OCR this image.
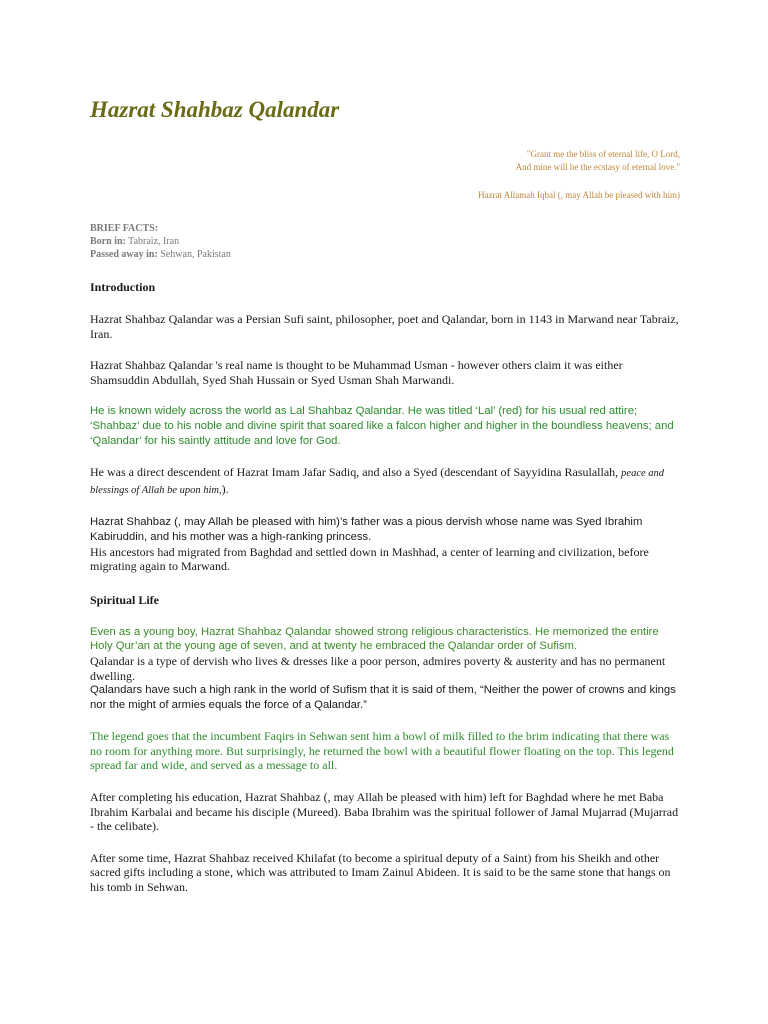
Hazrat Shahbaz Qalandar
"Grant me the bliss of eternal life, O Lord,
And mine will be the ecstasy of eternal love."
Hazrat Allamah Iqbal (, may Allah be pleased with him)
BRIEF FACTS:
Born in: Tabraiz, Iran
Passed away in: Sehwan, Pakistan
Introduction

Hazrat Shahbaz Qalandar was a Persian Sufi saint, philosopher, poet and Qalandar, born in 1143 in Marwand near Tabraiz, Iran.

Hazrat Shahbaz Qalandar 's real name is thought to be Muhammad Usman - however others claim it was either Shamsuddin Abdullah, Syed Shah Hussain or Syed Usman Shah Marwandi.

He is known widely across the world as Lal Shahbaz Qalandar. He was titled ‘Lal’ (red) for his usual red attire; ‘Shahbaz’ due to his noble and divine spirit that soared like a falcon higher and higher in the boundless heavens; and ‘Qalandar’ for his saintly attitude and love for God.

He was a direct descendent of Hazrat Imam Jafar Sadiq, and also a Syed (descendant of Sayyidina Rasulallah, peace and blessings of Allah be upon him,).

Hazrat Shahbaz (, may Allah be pleased with him)’s father was a pious dervish whose name was Syed Ibrahim Kabiruddin, and his mother was a high-ranking princess.

His ancestors had migrated from Baghdad and settled down in Mashhad, a center of learning and civilization, before migrating again to Marwand.

Spiritual Life

Even as a young boy, Hazrat Shahbaz Qalandar showed strong religious characteristics. He memorized the entire Holy Qur’an at the young age of seven, and at twenty he embraced the Qalandar order of Sufism.

Qalandar is a type of dervish who lives & dresses like a poor person, admires poverty & austerity and has no permanent dwelling.

Qalandars have such a high rank in the world of Sufism that it is said of them, “Neither the power of crowns and kings nor the might of armies equals the force of a Qalandar.”

The legend goes that the incumbent Faqirs in Sehwan sent him a bowl of milk filled to the brim indicating that there was no room for anything more. But surprisingly, he returned the bowl with a beautiful flower floating on the top. This legend spread far and wide, and served as a message to all.

After completing his education, Hazrat Shahbaz (, may Allah be pleased with him) left for Baghdad where he met Baba Ibrahim Karbalai and became his disciple (Mureed). Baba Ibrahim was the spiritual follower of Jamal Mujarrad (Mujarrad - the celibate).

After some time, Hazrat Shahbaz received Khilafat (to become a spiritual deputy of a Saint) from his Sheikh and other sacred gifts including a stone, which was attributed to Imam Zainul Abideen. It is said to be the same stone that hangs on his tomb in Sehwan.
